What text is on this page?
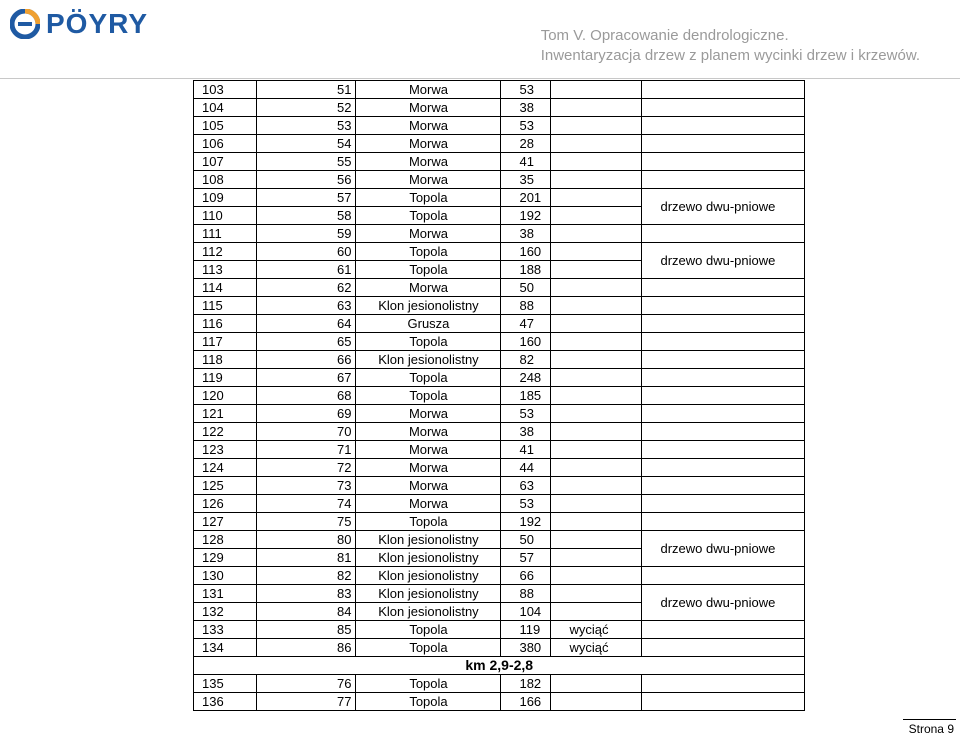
PÖYRY	Tom V. Opracowanie dendrologiczne.
Inwentaryzacja drzew z planem wycinki drzew i krzewów.
103	51	Morwa	53		
104	52	Morwa	38		
105	53	Morwa	53		
106	54	Morwa	28		
107	55	Morwa	41		
108	56	Morwa	35		
109	57	Topola	201		drzewo dwu-pniowe
110	58	Topola	192		
111	59	Morwa	38		
112	60	Topola	160		drzewo dwu-pniowe
113	61	Topola	188		
114	62	Morwa	50		
115	63	Klon jesionolistny	88		
116	64	Grusza	47		
117	65	Topola	160		
118	66	Klon jesionolistny	82		
119	67	Topola	248		
120	68	Topola	185		
121	69	Morwa	53		
122	70	Morwa	38		
123	71	Morwa	41		
124	72	Morwa	44		
125	73	Morwa	63		
126	74	Morwa	53		
127	75	Topola	192		
128	80	Klon jesionolistny	50		drzewo dwu-pniowe
129	81	Klon jesionolistny	57		
130	82	Klon jesionolistny	66		
131	83	Klon jesionolistny	88		drzewo dwu-pniowe
132	84	Klon jesionolistny	104		
133	85	Topola	119	wyciąć	
134	86	Topola	380	wyciąć	
km 2,9-2,8					
135	76	Topola	182		
136	77	Topola	166		
Strona 9
